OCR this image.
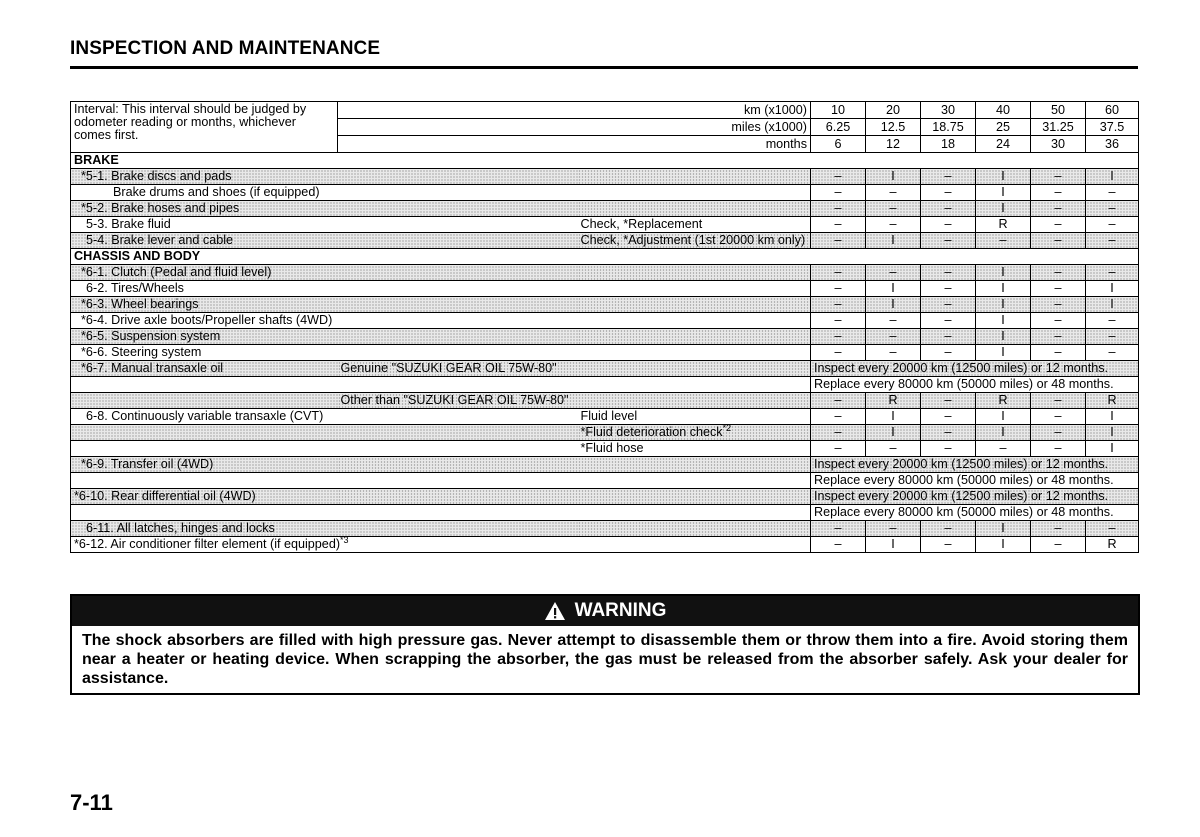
INSPECTION AND MAINTENANCE
Interval: This interval should be judged by odometer reading or months, whichever comes first.	km (x1000)		10	20	30	40	50	60
	miles (x1000)		6.25	12.5	18.75	25	31.25	37.5
	months		6	12	18	24	30	36
BRAKE								
*5-1. Brake discs and pads			–	I	–	I	–	I
Brake drums and shoes (if equipped)			–	–	–	I	–	–
*5-2. Brake hoses and pipes			–	–	–	I	–	–
5-3. Brake fluid		Check, *Replacement	–	–	–	R	–	–
5-4. Brake lever and cable		Check, *Adjustment (1st 20000 km only)	–	I	–	–	–	–
CHASSIS AND BODY								
*6-1. Clutch (Pedal and fluid level)			–	–	–	I	–	–
6-2. Tires/Wheels			–	I	–	I	–	I
*6-3. Wheel bearings			–	I	–	I	–	I
*6-4. Drive axle boots/Propeller shafts (4WD)			–	–	–	I	–	–
*6-5. Suspension system			–	–	–	I	–	–
*6-6. Steering system			–	–	–	I	–	–
*6-7. Manual transaxle oil	Genuine "SUZUKI GEAR OIL 75W-80"		Inspect every 20000 km (12500 miles) or 12 months.					
			Replace every 80000 km (50000 miles) or 48 months.					
	Other than "SUZUKI GEAR OIL 75W-80"		–	R	–	R	–	R
6-8. Continuously variable transaxle (CVT)		Fluid level	–	I	–	I	–	I
		*Fluid deterioration check$^{*2}$	–	I	–	I	–	I
		*Fluid hose	–	–	–	–	–	I
*6-9. Transfer oil (4WD)			Inspect every 20000 km (12500 miles) or 12 months.					
			Replace every 80000 km (50000 miles) or 48 months.					
*6-10. Rear differential oil (4WD)			Inspect every 20000 km (12500 miles) or 12 months.					
			Replace every 80000 km (50000 miles) or 48 months.					
6-11. All latches, hinges and locks			–	–	–	I	–	–
*6-12. Air conditioner filter element (if equipped)$^{*3}$			–	I	–	I	–	R
WARNING
The shock absorbers are filled with high pressure gas. Never attempt to disassemble them or throw them into a fire. Avoid storing them near a heater or heating device. When scrapping the absorber, the gas must be released from the absorber safely. Ask your dealer for assistance.
7-11
